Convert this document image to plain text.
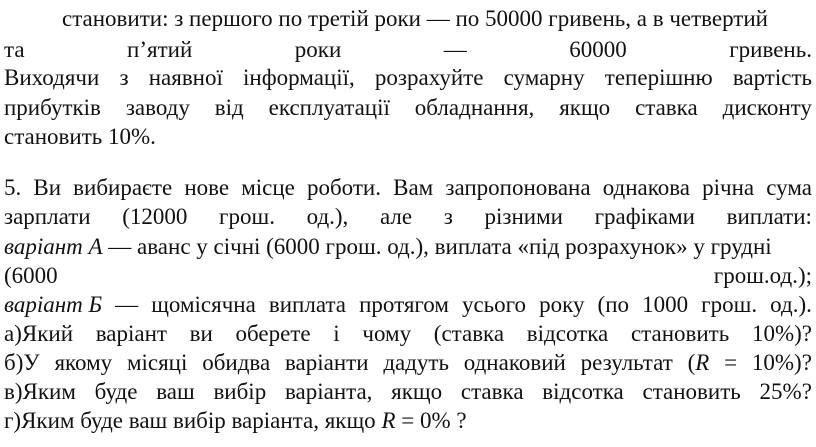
становити: з першого по третій роки — по 50000 гривень, а в четвертий
та	п’ятий	роки	—	60000	гривень.
Виходячи з наявної інформації, розрахуйте сумарну теперішню вартість
прибутків заводу від експлуатації обладнання, якщо ставка дисконту
становить 10%.
5. Ви вибираєте нове місце роботи. Вам запропонована однакова річна сума
зарплати (12000 грош. од.), але з різними графіками виплати:
варіант А — аванс у січні (6000 грош. од.), виплата «під розрахунок» у грудні
(6000	грош.од.);
варіант Б — щомісячна виплата протягом усього року (по 1000 грош. од.).
а)Який варіант ви оберете і чому (ставка відсотка становить 10%)?
б)У якому місяці обидва варіанти дадуть однаковий результат (R = 10%)?
в)Яким буде ваш вибір варіанта, якщо ставка відсотка становить 25%?
г)Яким буде ваш вибір варіанта, якщо R = 0% ?
